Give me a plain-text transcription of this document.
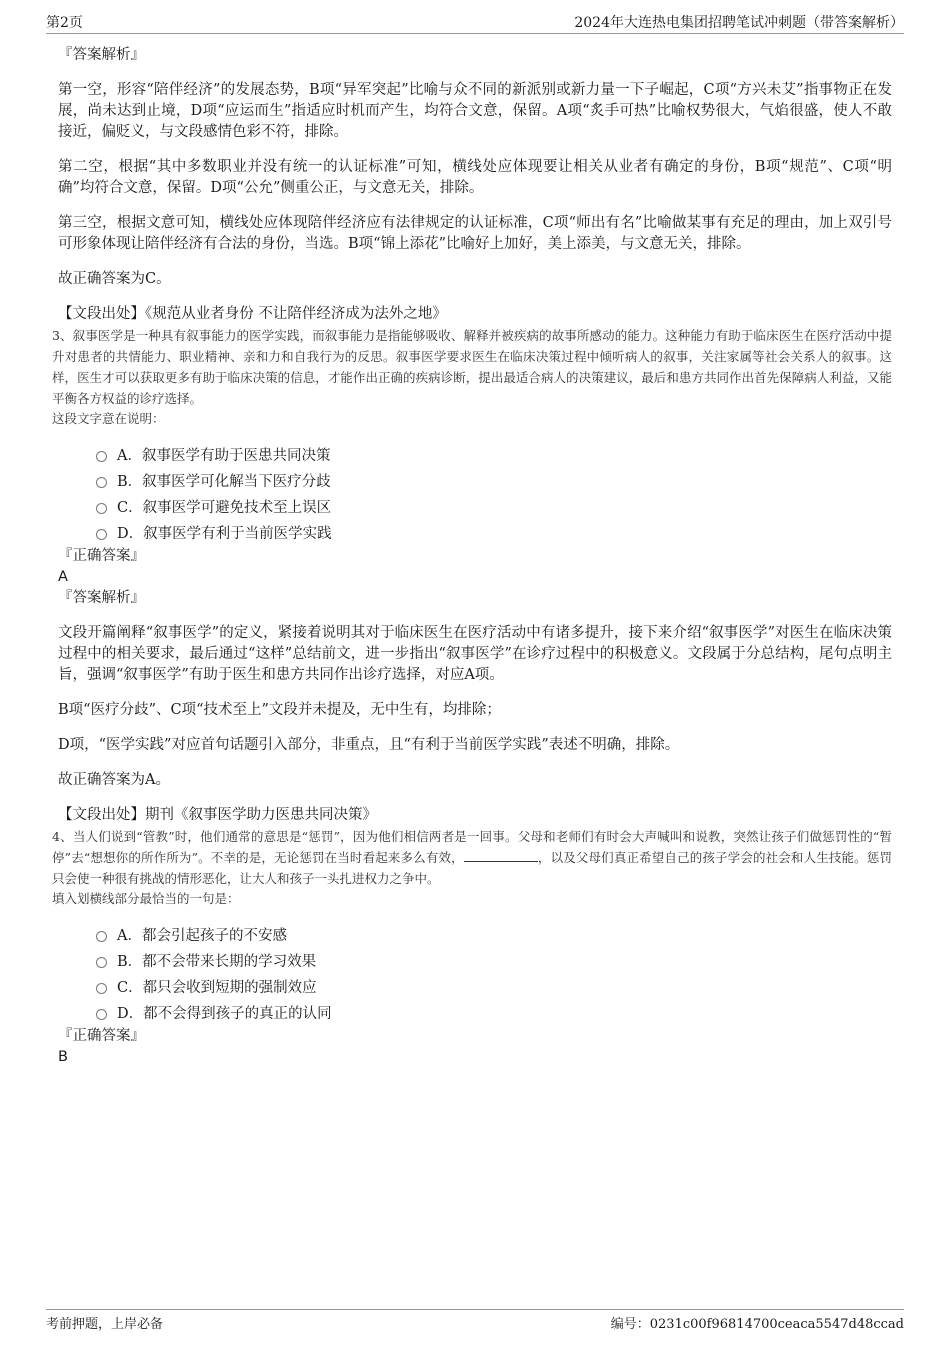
第2页	2024年大连热电集团招聘笔试冲刺题（带答案解析）

『答案解析』

第一空，形容“陪伴经济”的发展态势，B项“异军突起”比喻与众不同的新派别或新力量一下子崛起，C项“方兴未艾”指事物正在发展，尚未达到止境，D项“应运而生”指适应时机而产生，均符合文意，保留。A项“炙手可热”比喻权势很大，气焰很盛，使人不敢接近，偏贬义，与文段感情色彩不符，排除。

第二空，根据“其中多数职业并没有统一的认证标准”可知，横线处应体现要让相关从业者有确定的身份，B项“规范”、C项“明确”均符合文意，保留。D项“公允”侧重公正，与文意无关，排除。

第三空，根据文意可知，横线处应体现陪伴经济应有法律规定的认证标准，C项“师出有名”比喻做某事有充足的理由，加上双引号可形象体现让陪伴经济有合法的身份，当选。B项“锦上添花”比喻好上加好，美上添美，与文意无关，排除。

故正确答案为C。

【文段出处】《规范从业者身份 不让陪伴经济成为法外之地》

3、叙事医学是一种具有叙事能力的医学实践，而叙事能力是指能够吸收、解释并被疾病的故事所感动的能力。这种能力有助于临床医生在医疗活动中提升对患者的共情能力、职业精神、亲和力和自我行为的反思。叙事医学要求医生在临床决策过程中倾听病人的叙事，关注家属等社会关系人的叙事。这样，医生才可以获取更多有助于临床决策的信息，才能作出正确的疾病诊断，提出最适合病人的决策建议，最后和患方共同作出首先保障病人利益，又能平衡各方权益的诊疗选择。

这段文字意在说明：

A．叙事医学有助于医患共同决策
B．叙事医学可化解当下医疗分歧
C．叙事医学可避免技术至上误区
D．叙事医学有利于当前医学实践

『正确答案』

A

『答案解析』

文段开篇阐释“叙事医学”的定义，紧接着说明其对于临床医生在医疗活动中有诸多提升，接下来介绍“叙事医学”对医生在临床决策过程中的相关要求，最后通过“这样”总结前文，进一步指出“叙事医学”在诊疗过程中的积极意义。文段属于分总结构，尾句点明主旨，强调“叙事医学”有助于医生和患方共同作出诊疗选择，对应A项。

B项“医疗分歧”、C项“技术至上”文段并未提及，无中生有，均排除；

D项，“医学实践”对应首句话题引入部分，非重点，且“有利于当前医学实践”表述不明确，排除。

故正确答案为A。

【文段出处】期刊《叙事医学助力医患共同决策》

4、当人们说到“管教”时，他们通常的意思是“惩罚”，因为他们相信两者是一回事。父母和老师们有时会大声喊叫和说教，突然让孩子们做惩罚性的“暂停”去“想想你的所作所为”。不幸的是，无论惩罚在当时看起来多么有效，	，以及父母们真正希望自己的孩子学会的社会和人生技能。惩罚只会使一种很有挑战的情形恶化，让大人和孩子一头扎进权力之争中。

填入划横线部分最恰当的一句是：

A．都会引起孩子的不安感
B．都不会带来长期的学习效果
C．都只会收到短期的强制效应
D．都不会得到孩子的真正的认同

『正确答案』

B

考前押题，上岸必备	编号：0231c00f96814700ceaca5547d48ccad
